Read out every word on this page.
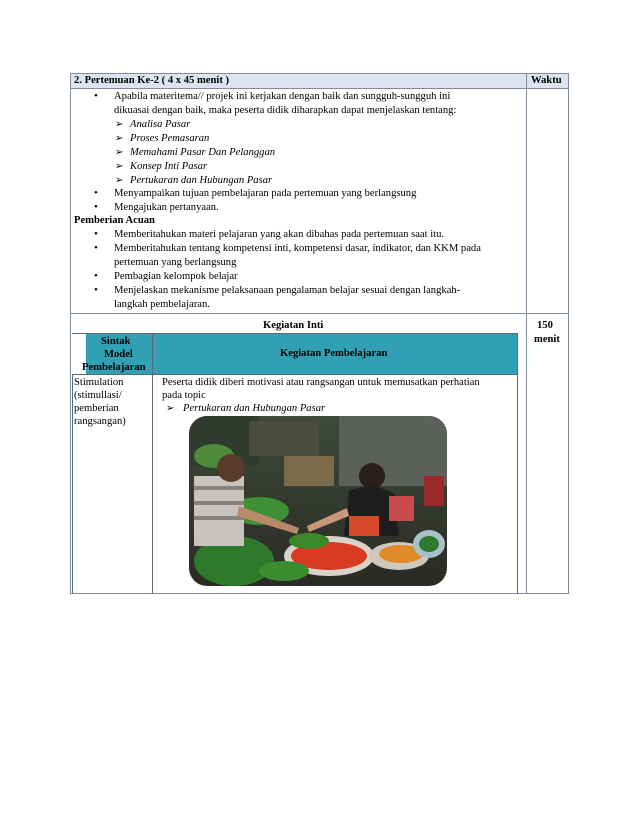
2. Pertemuan Ke-2 ( 4 x 45 menit )	Waktu
• Apabila materitema// projek ini kerjakan dengan baik dan sungguh-sungguh ini
dikuasai dengan baik, maka peserta didik diharapkan dapat menjelaskan tentang:
➢ Analisa Pasar
➢ Proses Pemasaran
➢ Memahami Pasar Dan Pelanggan
➢ Konsep Inti Pasar
➢ Pertukaran dan Hubungan Pasar
• Menyampaikan tujuan pembelajaran pada pertemuan yang berlangsung
• Mengajukan pertanyaan.
Pemberian Acuan
• Memberitahukan materi pelajaran yang akan dibahas pada pertemuan saat itu.
• Memberitahukan tentang kompetensi inti, kompetensi dasar, indikator, dan KKM pada
pertemuan yang berlangsung
• Pembagian kelompok belajar
• Menjelaskan mekanisme pelaksanaan pengalaman belajar sesuai dengan langkah-
langkah pembelajaran.
Kegiatan Inti	150
menit
Sintak
Model
Pembelajaran
Kegiatan Pembelajaran
Stimulation
(stimullasi/
pemberian
rangsangan)
Peserta didik diberi motivasi atau rangsangan untuk memusatkan perhatian
pada topic
➢ Pertukaran dan Hubungan Pasar
